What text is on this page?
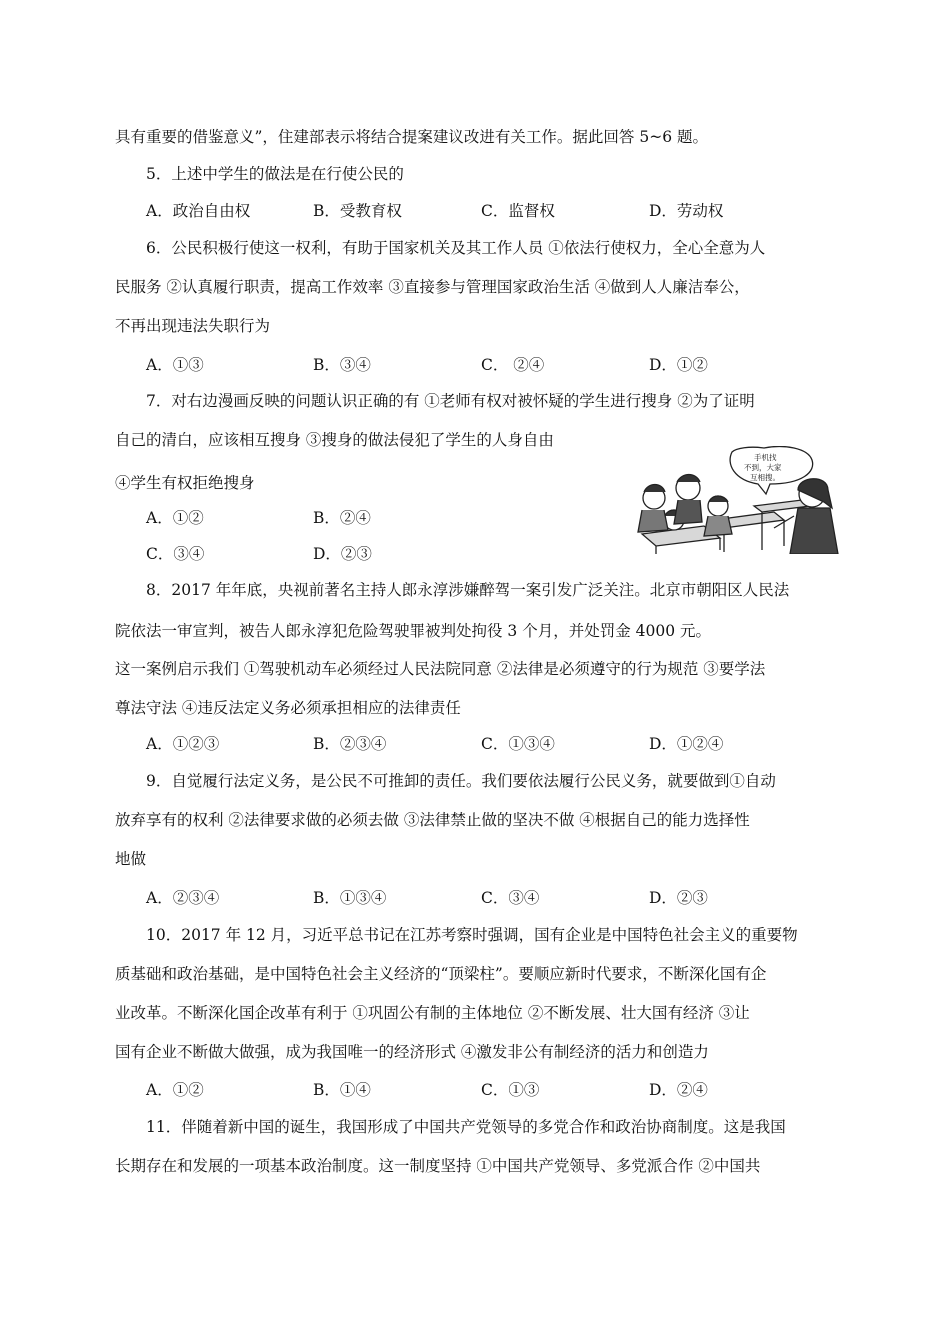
具有重要的借鉴意义”，住建部表示将结合提案建议改进有关工作。据此回答 5~6 题。
5．上述中学生的做法是在行使公民的
A．政治自由权	B．受教育权	C．监督权	D．劳动权
6．公民积极行使这一权利，有助于国家机关及其工作人员 ①依法行使权力，全心全意为人
民服务 ②认真履行职责，提高工作效率 ③直接参与管理国家政治生活 ④做到人人廉洁奉公，
不再出现违法失职行为
A．①③	B．③④	C． ②④	D．①②
7．对右边漫画反映的问题认识正确的有 ①老师有权对被怀疑的学生进行搜身 ②为了证明
自己的清白，应该相互搜身 ③搜身的做法侵犯了学生的人身自由
④学生有权拒绝搜身
A．①②	B．②④
C．③④	D．②③
手机找
不到，大家
互相搜。
8．2017 年年底，央视前著名主持人郎永淳涉嫌醉驾一案引发广泛关注。北京市朝阳区人民法
院依法一审宣判，被告人郎永淳犯危险驾驶罪被判处拘役 3 个月，并处罚金 4000 元。
这一案例启示我们 ①驾驶机动车必须经过人民法院同意 ②法律是必须遵守的行为规范 ③要学法
尊法守法 ④违反法定义务必须承担相应的法律责任
A．①②③	B．②③④	C．①③④	D．①②④
9．自觉履行法定义务，是公民不可推卸的责任。我们要依法履行公民义务，就要做到①自动
放弃享有的权利 ②法律要求做的必须去做 ③法律禁止做的坚决不做 ④根据自己的能力选择性
地做
A．②③④	B．①③④	C．③④	D．②③
10．2017 年 12 月，习近平总书记在江苏考察时强调，国有企业是中国特色社会主义的重要物
质基础和政治基础，是中国特色社会主义经济的“顶梁柱”。要顺应新时代要求，不断深化国有企
业改革。不断深化国企改革有利于 ①巩固公有制的主体地位 ②不断发展、壮大国有经济 ③让
国有企业不断做大做强，成为我国唯一的经济形式 ④激发非公有制经济的活力和创造力
A．①②	B．①④	C．①③	D．②④
11．伴随着新中国的诞生，我国形成了中国共产党领导的多党合作和政治协商制度。这是我国
长期存在和发展的一项基本政治制度。这一制度坚持 ①中国共产党领导、多党派合作 ②中国共
